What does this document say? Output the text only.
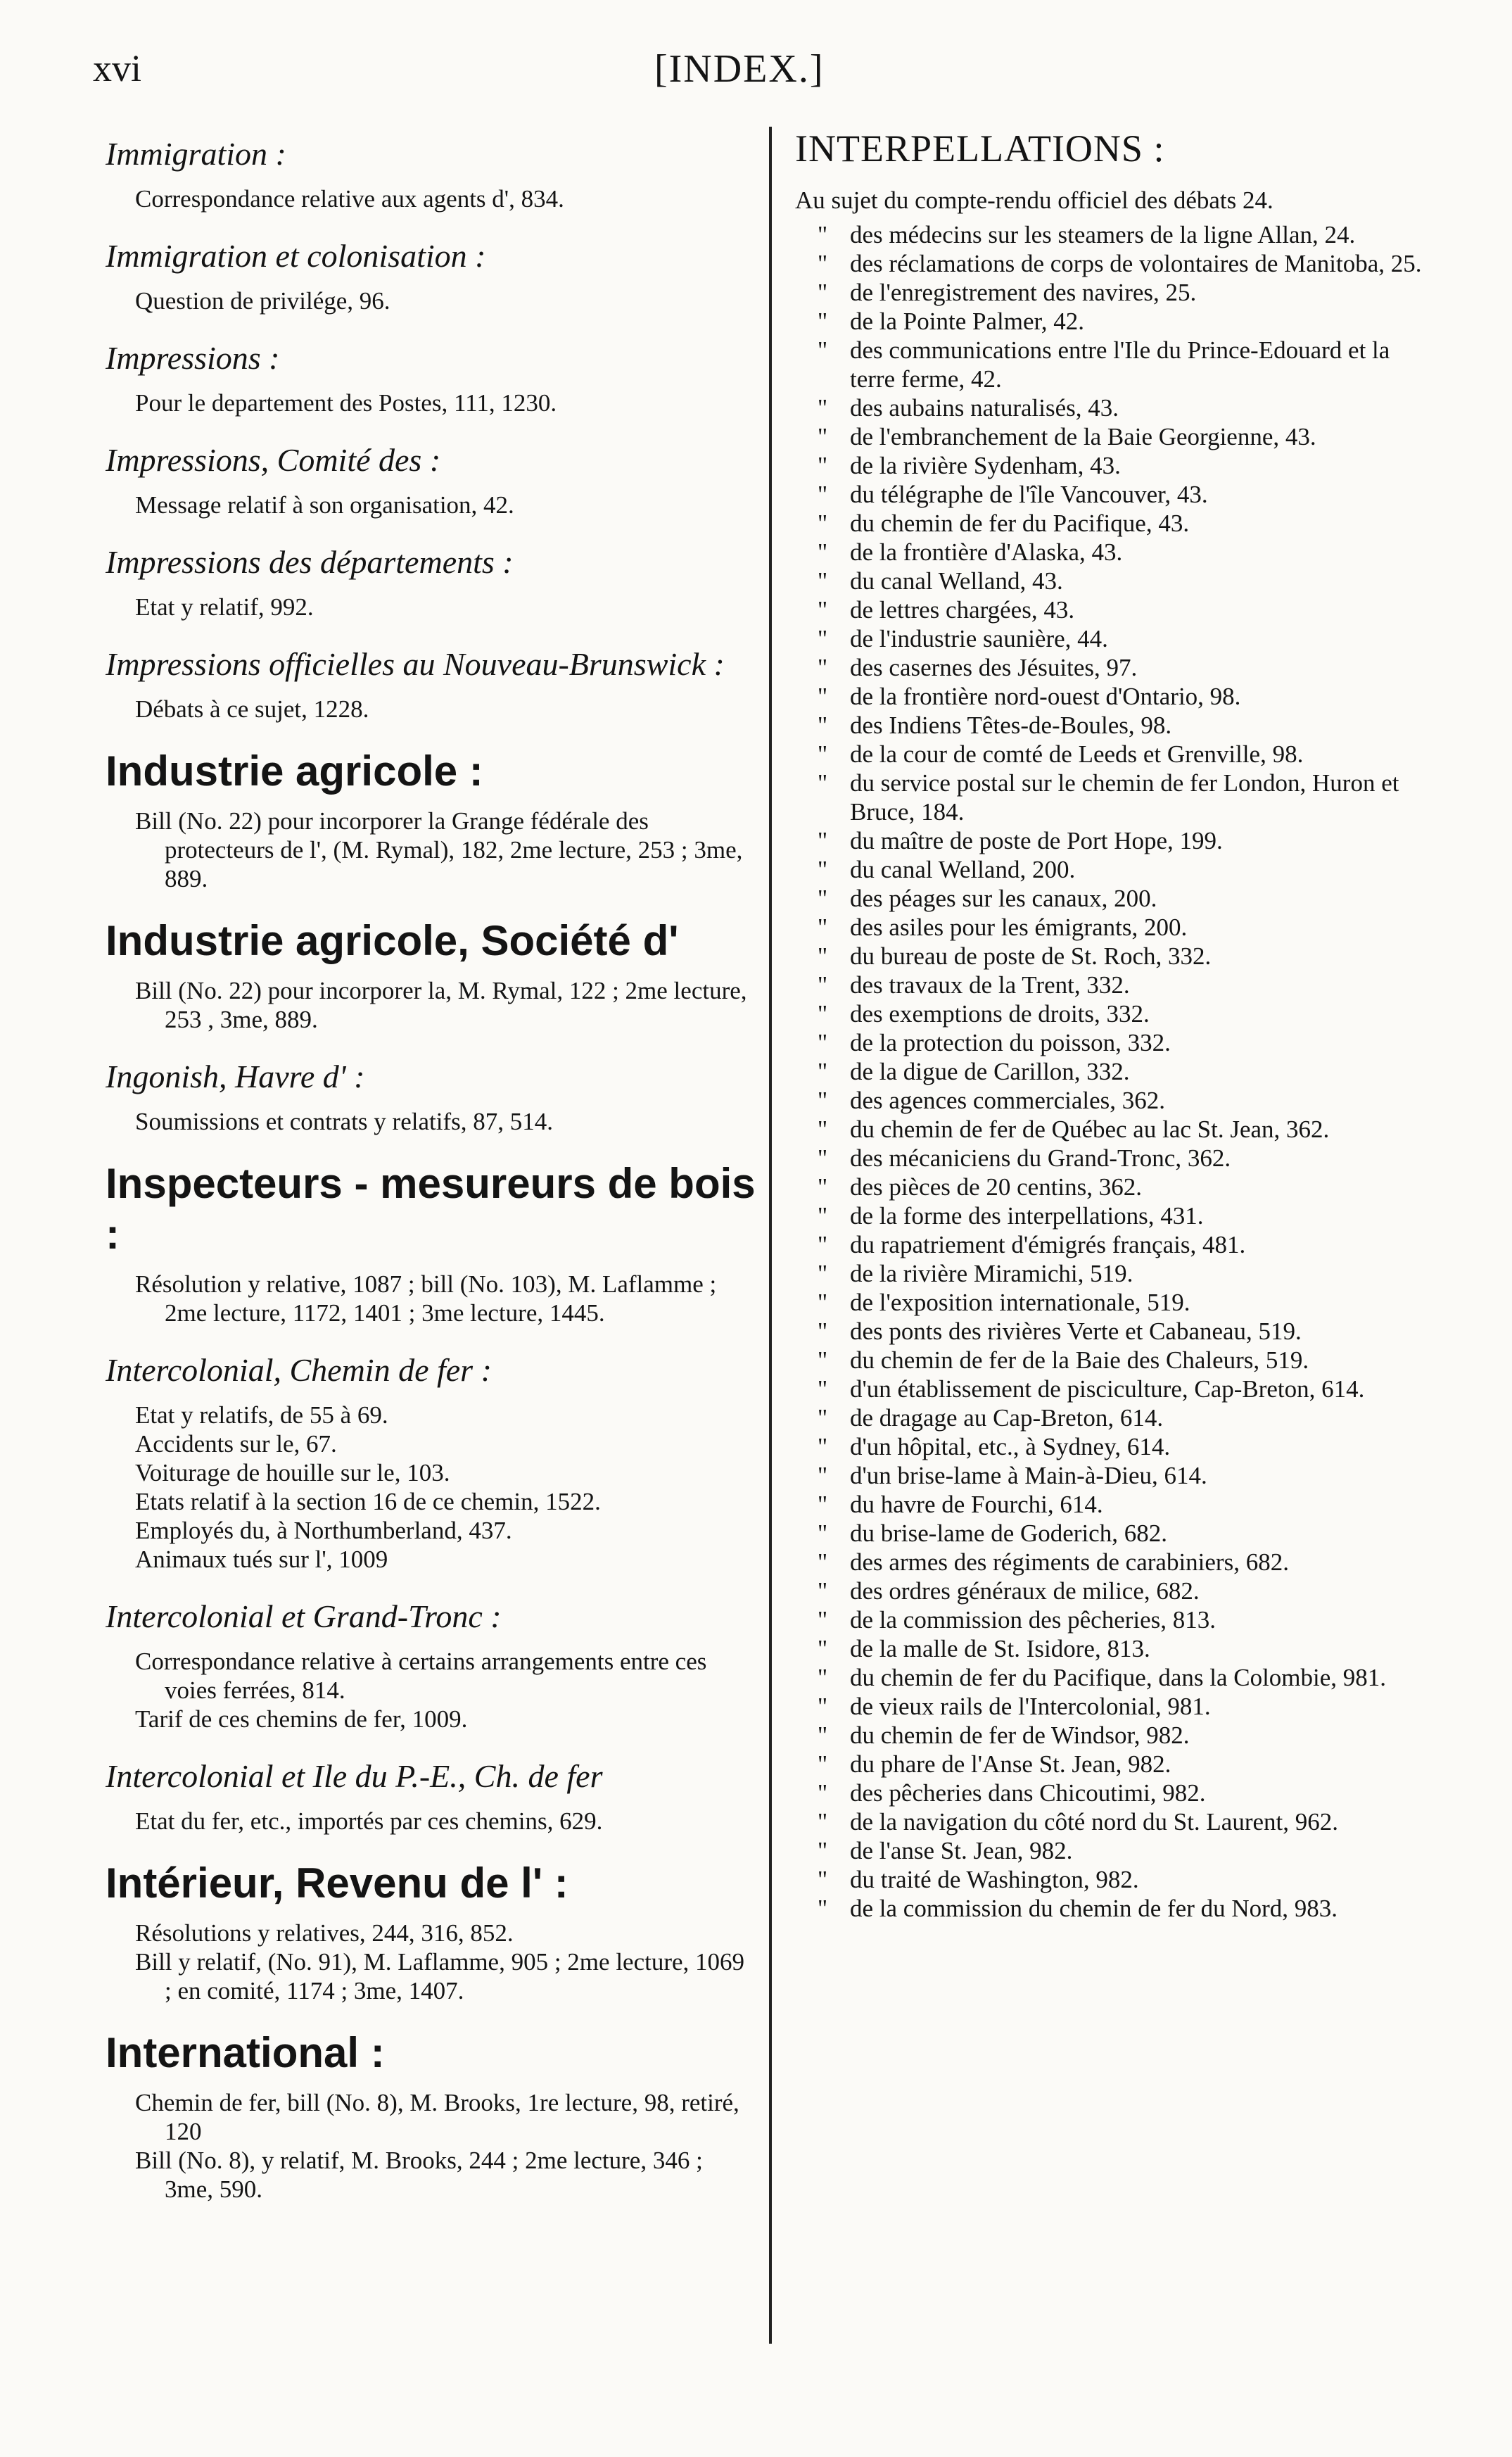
xvi	[INDEX.]

Immigration :

Correspondance relative aux agents d', 834.

Immigration et colonisation :

Question de privilége, 96.

Impressions :

Pour le departement des Postes, 111, 1230.

Impressions, Comité des :

Message relatif à son organisation, 42.

Impressions des départements :

Etat y relatif, 992.

Impressions officielles au Nouveau-Brunswick :

Débats à ce sujet, 1228.

Industrie agricole :

Bill (No. 22) pour incorporer la Grange fédérale des protecteurs de l', (M. Rymal), 182, 2me lecture, 253 ; 3me, 889.

Industrie agricole, Société d'

Bill (No. 22) pour incorporer la, M. Rymal, 122 ; 2me lecture, 253 , 3me, 889.

Ingonish, Havre d' :

Soumissions et contrats y relatifs, 87, 514.

Inspecteurs - mesureurs de bois :

Résolution y relative, 1087 ; bill (No. 103), M. Laflamme ; 2me lecture, 1172, 1401 ; 3me lecture, 1445.

Intercolonial, Chemin de fer :

Etat y relatifs, de 55 à 69.

Accidents sur le, 67.

Voiturage de houille sur le, 103.

Etats relatif à la section 16 de ce chemin, 1522.

Employés du, à Northumberland, 437.

Animaux tués sur l', 1009

Intercolonial et Grand-Tronc :

Correspondance relative à certains arrangements entre ces voies ferrées, 814.

Tarif de ces chemins de fer, 1009.

Intercolonial et Ile du P.-E., Ch. de fer

Etat du fer, etc., importés par ces chemins, 629.

Intérieur, Revenu de l' :

Résolutions y relatives, 244, 316, 852.

Bill y relatif, (No. 91), M. Laflamme, 905 ; 2me lecture, 1069 ; en comité, 1174 ; 3me, 1407.

International :

Chemin de fer, bill (No. 8), M. Brooks, 1re lecture, 98, retiré, 120

Bill (No. 8), y relatif, M. Brooks, 244 ; 2me lecture, 346 ; 3me, 590.

INTERPELLATIONS :

Au sujet du compte-rendu officiel des débats 24.

" des médecins sur les steamers de la ligne Allan, 24.
" des réclamations de corps de volontaires de Manitoba, 25.
" de l'enregistrement des navires, 25.
" de la Pointe Palmer, 42.
" des communications entre l'Ile du Prince-Edouard et la terre ferme, 42.
" des aubains naturalisés, 43.
" de l'embranchement de la Baie Georgienne, 43.
" de la rivière Sydenham, 43.
" du télégraphe de l'île Vancouver, 43.
" du chemin de fer du Pacifique, 43.
" de la frontière d'Alaska, 43.
" du canal Welland, 43.
" de lettres chargées, 43.
" de l'industrie saunière, 44.
" des casernes des Jésuites, 97.
" de la frontière nord-ouest d'Ontario, 98.
" des Indiens Têtes-de-Boules, 98.
" de la cour de comté de Leeds et Grenville, 98.
" du service postal sur le chemin de fer London, Huron et Bruce, 184.
" du maître de poste de Port Hope, 199.
" du canal Welland, 200.
" des péages sur les canaux, 200.
" des asiles pour les émigrants, 200.
" du bureau de poste de St. Roch, 332.
" des travaux de la Trent, 332.
" des exemptions de droits, 332.
" de la protection du poisson, 332.
" de la digue de Carillon, 332.
" des agences commerciales, 362.
" du chemin de fer de Québec au lac St. Jean, 362.
" des mécaniciens du Grand-Tronc, 362.
" des pièces de 20 centins, 362.
" de la forme des interpellations, 431.
" du rapatriement d'émigrés français, 481.
" de la rivière Miramichi, 519.
" de l'exposition internationale, 519.
" des ponts des rivières Verte et Cabaneau, 519.
" du chemin de fer de la Baie des Chaleurs, 519.
" d'un établissement de pisciculture, Cap-Breton, 614.
" de dragage au Cap-Breton, 614.
" d'un hôpital, etc., à Sydney, 614.
" d'un brise-lame à Main-à-Dieu, 614.
" du havre de Fourchi, 614.
" du brise-lame de Goderich, 682.
" des armes des régiments de carabiniers, 682.
" des ordres généraux de milice, 682.
" de la commission des pêcheries, 813.
" de la malle de St. Isidore, 813.
" du chemin de fer du Pacifique, dans la Colombie, 981.
" de vieux rails de l'Intercolonial, 981.
" du chemin de fer de Windsor, 982.
" du phare de l'Anse St. Jean, 982.
" des pêcheries dans Chicoutimi, 982.
" de la navigation du côté nord du St. Laurent, 962.
" de l'anse St. Jean, 982.
" du traité de Washington, 982.
" de la commission du chemin de fer du Nord, 983.
